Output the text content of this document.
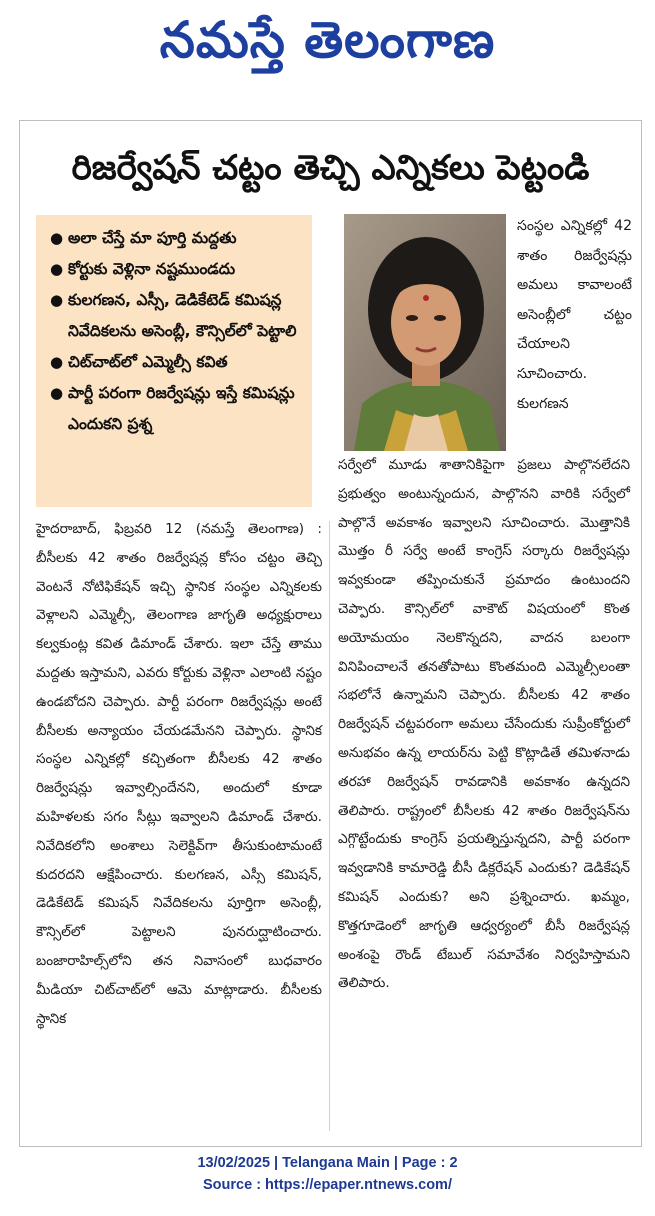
నమస్తే తెలంగాణ
రిజర్వేషన్ చట్టం తెచ్చి ఎన్నికలు పెట్టండి
● అలా చేస్తే మా పూర్తి మద్దతు
● కోర్టుకు వెళ్లినా నష్టముండదు
● కులగణన, ఎస్సీ, డెడికేటెడ్ కమిషన్ల నివేదికలను అసెంబ్లీ, కౌన్సిల్‌లో పెట్టాలి
● చిట్‌చాట్‌లో ఎమ్మెల్సీ కవిత
● పార్టీ పరంగా రిజర్వేషన్లు ఇస్తే కమిషన్లు ఎందుకని ప్రశ్న

సంస్థల ఎన్నికల్లో 42 శాతం రిజర్వేషన్లు అమలు కావాలంటే అసెంబ్లీలో చట్టం చేయాలని సూచించారు. కులగణన

హైదరాబాద్, ఫిబ్రవరి 12 (నమస్తే తెలంగాణ) : బీసీలకు 42 శాతం రిజర్వేషన్ల కోసం చట్టం తెచ్చి వెంటనే నోటిఫికేషన్ ఇచ్చి స్థానిక సంస్థల ఎన్నికలకు వెళ్లాలని ఎమ్మెల్సీ, తెలంగాణ జాగృతి అధ్యక్షురాలు కల్వకుంట్ల కవిత డిమాండ్ చేశారు. ఇలా చేస్తే తాము మద్దతు ఇస్తామని, ఎవరు కోర్టుకు వెళ్లినా ఎలాంటి నష్టం ఉండబోదని చెప్పారు. పార్టీ పరంగా రిజర్వేషన్లు అంటే బీసీలకు అన్యాయం చేయడమేనని చెప్పారు. స్థానిక సంస్థల ఎన్నికల్లో కచ్చితంగా బీసీలకు 42 శాతం రిజర్వేషన్లు ఇవ్వాల్సిందేనని, అందులో కూడా మహిళలకు సగం సీట్లు ఇవ్వాలని డిమాండ్ చేశారు. నివేదికలోని అంశాలు సెలెక్టివ్‌గా తీసుకుంటామంటే కుదరదని ఆక్షేపించారు. కులగణన, ఎస్సీ కమిషన్, డెడికేటెడ్ కమిషన్ నివేదికలను పూర్తిగా అసెంబ్లీ, కౌన్సిల్‌లో పెట్టాలని పునరుద్ఘాటించారు. బంజారాహిల్స్‌లోని తన నివాసంలో బుధవారం మీడియా చిట్‌చాట్‌లో ఆమె మాట్లాడారు. బీసీలకు స్థానిక

సర్వేలో మూడు శాతానికిపైగా ప్రజలు పాల్గొనలేదని ప్రభుత్వం అంటున్నందున, పాల్గొనని వారికి సర్వేలో పాల్గొనే అవకాశం ఇవ్వాలని సూచించారు. మొత్తానికి మొత్తం రీ సర్వే అంటే కాంగ్రెస్ సర్కారు రిజర్వేషన్లు ఇవ్వకుండా తప్పించుకునే ప్రమాదం ఉంటుందని చెప్పారు. కౌన్సిల్‌లో వాకౌట్ విషయంలో కొంత అయోమయం నెలకొన్నదని, వాదన బలంగా వినిపించాలనే తనతోపాటు కొంతమంది ఎమ్మెల్సీలంతా సభలోనే ఉన్నామని చెప్పారు. బీసీలకు 42 శాతం రిజర్వేషన్ చట్టపరంగా అమలు చేసేందుకు సుప్రీంకోర్టులో అనుభవం ఉన్న లాయర్‌ను పెట్టి కొట్లాడితే తమిళనాడు తరహా రిజర్వేషన్ రావడానికి అవకాశం ఉన్నదని తెలిపారు. రాష్ట్రంలో బీసీలకు 42 శాతం రిజర్వేషన్‌ను ఎగ్గొట్టేందుకు కాంగ్రెస్ ప్రయత్నిస్తున్నదని, పార్టీ పరంగా ఇవ్వడానికి కామారెడ్డి బీసీ డిక్లరేషన్ ఎందుకు? డెడికేషన్ కమిషన్ ఎందుకు? అని ప్రశ్నించారు. ఖమ్మం, కొత్తగూడెంలో జాగృతి ఆధ్వర్యంలో బీసీ రిజర్వేషన్ల అంశంపై రౌండ్ టేబుల్ సమావేశం నిర్వహిస్తామని తెలిపారు.

13/02/2025 | Telangana Main | Page : 2
Source : https://epaper.ntnews.com/
